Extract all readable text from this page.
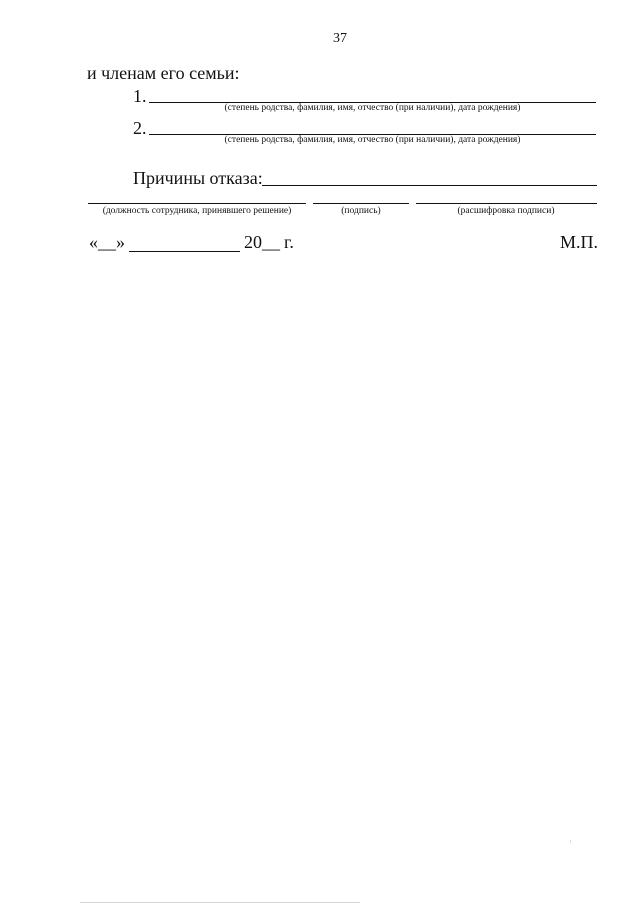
37
и членам его семьи:
1.
(степень родства, фамилия, имя, отчество (при наличии), дата рождения)
2.
(степень родства, фамилия, имя, отчество (при наличии), дата рождения)
Причины отказа:
(должность сотрудника, принявшего решение)	(подпись)	(расшифровка подписи)
«__»	20__ г.	М.П.
